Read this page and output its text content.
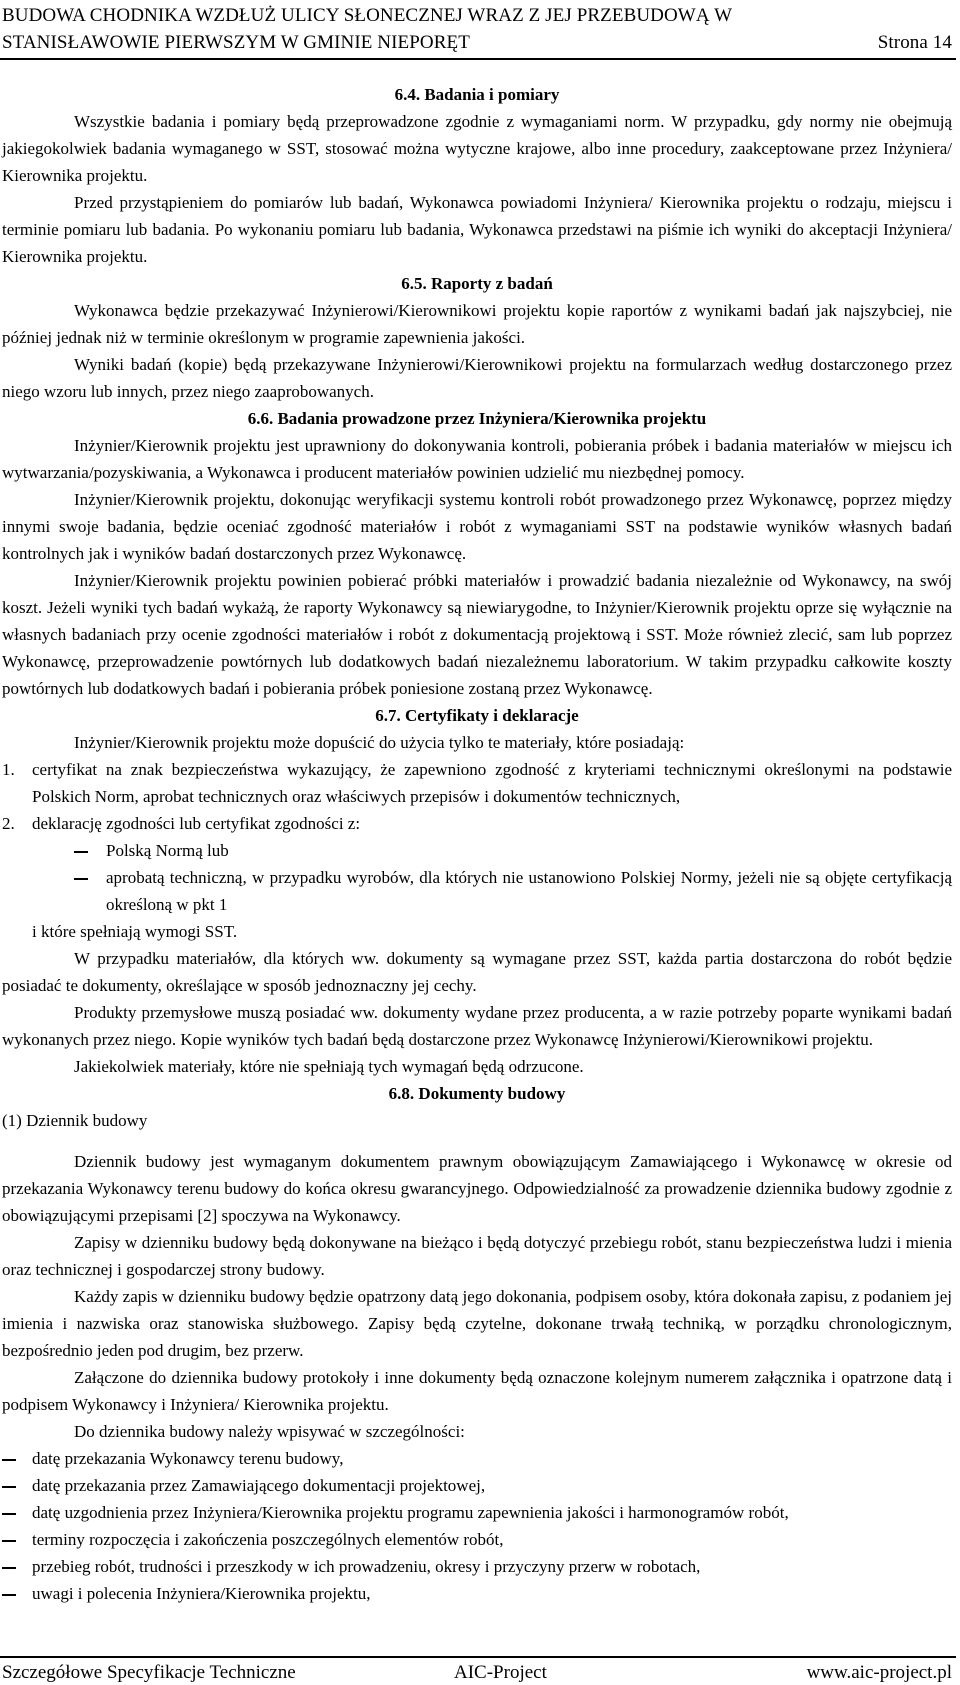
BUDOWA CHODNIKA WZDŁUŻ ULICY SŁONECZNEJ WRAZ Z JEJ PRZEBUDOWĄ W
STANISŁAWOWIE PIERWSZYM W GMINIE NIEPORĘT	Strona 14

6.4. Badania i pomiary

Wszystkie badania i pomiary będą przeprowadzone zgodnie z wymaganiami norm. W przypadku, gdy normy nie obejmują jakiegokolwiek badania wymaganego w SST, stosować można wytyczne krajowe, albo inne procedury, zaakceptowane przez Inżyniera/ Kierownika projektu.

Przed przystąpieniem do pomiarów lub badań, Wykonawca powiadomi Inżyniera/ Kierownika projektu o rodzaju, miejscu i terminie pomiaru lub badania. Po wykonaniu pomiaru lub badania, Wykonawca przedstawi na piśmie ich wyniki do akceptacji Inżyniera/ Kierownika projektu.

6.5. Raporty z badań

Wykonawca będzie przekazywać Inżynierowi/Kierownikowi projektu kopie raportów z wynikami badań jak najszybciej, nie później jednak niż w terminie określonym w programie zapewnienia jakości.

Wyniki badań (kopie) będą przekazywane Inżynierowi/Kierownikowi projektu na formularzach według dostarczonego przez niego wzoru lub innych, przez niego zaaprobowanych.

6.6. Badania prowadzone przez Inżyniera/Kierownika projektu

Inżynier/Kierownik projektu jest uprawniony do dokonywania kontroli, pobierania próbek i badania materiałów w miejscu ich wytwarzania/pozyskiwania, a Wykonawca i producent materiałów powinien udzielić mu niezbędnej pomocy.

Inżynier/Kierownik projektu, dokonując weryfikacji systemu kontroli robót prowadzonego przez Wykonawcę, poprzez między innymi swoje badania, będzie oceniać zgodność materiałów i robót z wymaganiami SST na podstawie wyników własnych badań kontrolnych jak i wyników badań dostarczonych przez Wykonawcę.

Inżynier/Kierownik projektu powinien pobierać próbki materiałów i prowadzić badania niezależnie od Wykonawcy, na swój koszt. Jeżeli wyniki tych badań wykażą, że raporty Wykonawcy są niewiarygodne, to Inżynier/Kierownik projektu oprze się wyłącznie na własnych badaniach przy ocenie zgodności materiałów i robót z dokumentacją projektową i SST. Może również zlecić, sam lub poprzez Wykonawcę, przeprowadzenie powtórnych lub dodatkowych badań niezależnemu laboratorium. W takim przypadku całkowite koszty powtórnych lub dodatkowych badań i pobierania próbek poniesione zostaną przez Wykonawcę.

6.7. Certyfikaty i deklaracje

Inżynier/Kierownik projektu może dopuścić do użycia tylko te materiały, które posiadają:

1.	certyfikat na znak bezpieczeństwa wykazujący, że zapewniono zgodność z kryteriami technicznymi określonymi na podstawie Polskich Norm, aprobat technicznych oraz właściwych przepisów i dokumentów technicznych,
2.	deklarację zgodności lub certyfikat zgodności z:
Polską Normą lub
aprobatą techniczną, w przypadku wyrobów, dla których nie ustanowiono Polskiej Normy, jeżeli nie są objęte certyfikacją określoną w pkt 1

i które spełniają wymogi SST.

W przypadku materiałów, dla których ww. dokumenty są wymagane przez SST, każda partia dostarczona do robót będzie posiadać te dokumenty, określające w sposób jednoznaczny jej cechy.

Produkty przemysłowe muszą posiadać ww. dokumenty wydane przez producenta, a w razie potrzeby poparte wynikami badań wykonanych przez niego. Kopie wyników tych badań będą dostarczone przez Wykonawcę Inżynierowi/Kierownikowi projektu.

Jakiekolwiek materiały, które nie spełniają tych wymagań będą odrzucone.

6.8. Dokumenty budowy

(1) Dziennik budowy

Dziennik budowy jest wymaganym dokumentem prawnym obowiązującym Zamawiającego i Wykonawcę w okresie od przekazania Wykonawcy terenu budowy do końca okresu gwarancyjnego. Odpowiedzialność za prowadzenie dziennika budowy zgodnie z obowiązującymi przepisami [2] spoczywa na Wykonawcy.

Zapisy w dzienniku budowy będą dokonywane na bieżąco i będą dotyczyć przebiegu robót, stanu bezpieczeństwa ludzi i mienia oraz technicznej i gospodarczej strony budowy.

Każdy zapis w dzienniku budowy będzie opatrzony datą jego dokonania, podpisem osoby, która dokonała zapisu, z podaniem jej imienia i nazwiska oraz stanowiska służbowego. Zapisy będą czytelne, dokonane trwałą techniką, w porządku chronologicznym, bezpośrednio jeden pod drugim, bez przerw.

Załączone do dziennika budowy protokoły i inne dokumenty będą oznaczone kolejnym numerem załącznika i opatrzone datą i podpisem Wykonawcy i Inżyniera/ Kierownika projektu.

Do dziennika budowy należy wpisywać w szczególności:

datę przekazania Wykonawcy terenu budowy,
datę przekazania przez Zamawiającego dokumentacji projektowej,
datę uzgodnienia przez Inżyniera/Kierownika projektu programu zapewnienia jakości i harmonogramów robót,
terminy rozpoczęcia i zakończenia poszczególnych elementów robót,
przebieg robót, trudności i przeszkody w ich prowadzeniu, okresy i przyczyny przerw w robotach,
uwagi i polecenia Inżyniera/Kierownika projektu,
Szczegółowe Specyfikacje Techniczne	AIC-Project	www.aic-project.pl
